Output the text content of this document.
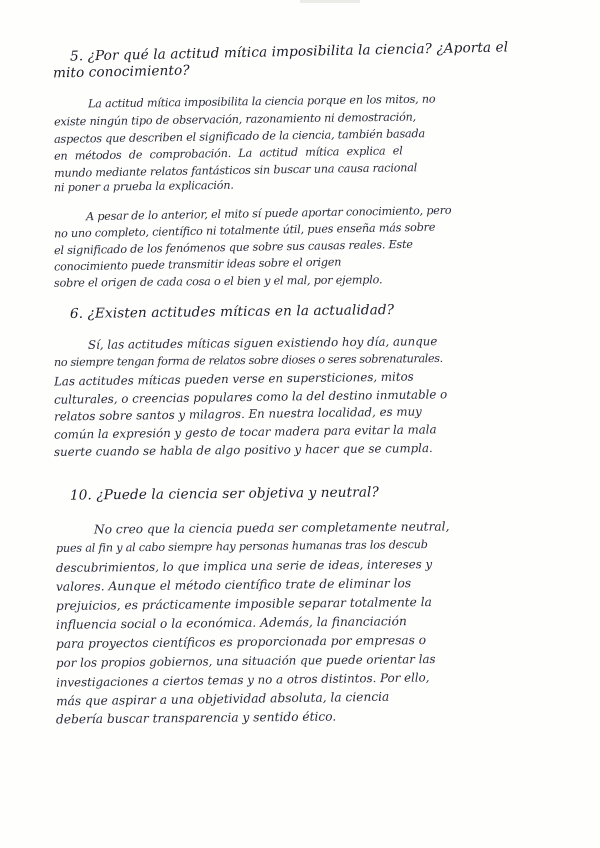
5. ¿Por qué la actitud mítica imposibilita la ciencia? ¿Aporta el
mito conocimiento?
La actitud mítica imposibilita la ciencia porque en los mitos, no
existe ningún tipo de observación, razonamiento ni demostración,
aspectos que describen el significado de la ciencia, también basada
en métodos de comprobación. La actitud mítica explica el
mundo mediante relatos fantásticos sin buscar una causa racional
ni poner a prueba la explicación.
A pesar de lo anterior, el mito sí puede aportar conocimiento, pero
no uno completo, científico ni totalmente útil, pues enseña más sobre
el significado de los fenómenos que sobre sus causas reales. Este
conocimiento puede transmitir ideas sobre el origen
sobre el origen de cada cosa o el bien y el mal, por ejemplo.
6. ¿Existen actitudes míticas en la actualidad?
Sí, las actitudes míticas siguen existiendo hoy día, aunque
no siempre tengan forma de relatos sobre dioses o seres sobrenaturales.
Las actitudes míticas pueden verse en supersticiones, mitos
culturales, o creencias populares como la del destino inmutable o
relatos sobre santos y milagros. En nuestra localidad, es muy
común la expresión y gesto de tocar madera para evitar la mala
suerte cuando se habla de algo positivo y hacer que se cumpla.
10. ¿Puede la ciencia ser objetiva y neutral?
No creo que la ciencia pueda ser completamente neutral,
pues al fin y al cabo siempre hay personas humanas tras los descub
descubrimientos, lo que implica una serie de ideas, intereses y
valores. Aunque el método científico trate de eliminar los
prejuicios, es prácticamente imposible separar totalmente la
influencia social o la económica. Además, la financiación
para proyectos científicos es proporcionada por empresas o
por los propios gobiernos, una situación que puede orientar las
investigaciones a ciertos temas y no a otros distintos. Por ello,
más que aspirar a una objetividad absoluta, la ciencia
debería buscar transparencia y sentido ético.
